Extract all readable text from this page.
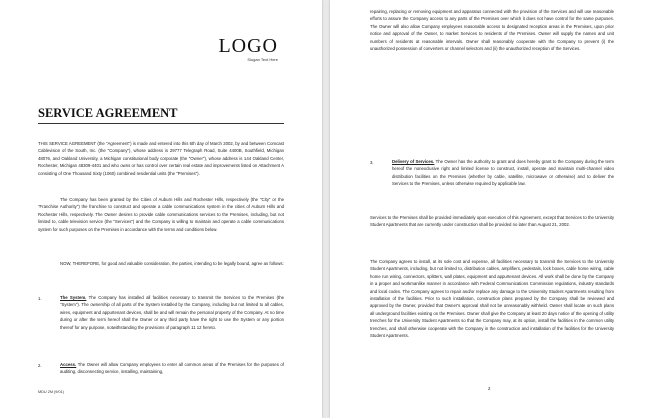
LOGO
Slogan Text Here
SERVICE AGREEMENT

THIS SERVICE AGREEMENT (the "Agreement") is made and entered into this 6th day of March 2002, by and between Comcast Cablevision of the South, Inc. (the "Company"), whose address is 29777 Telegraph Road, Suite 4400B, Southfield, Michigan 48076, and Oakland University, a Michigan constitutional body corporate (the "Owner"), whose address is 144 Oakland Center, Rochester, Michigan 48309-4401 and who owns or has control over certain real estate and improvements listed on Attachment A consisting of One Thousand Sixty (1060) combined residential units (the "Premises").

The Company has been granted by the Cities of Auburn Hills and Rochester Hills, respectively (the "City" or the "Franchise Authority") the franchise to construct and operate a cable communications system in the cities of Auburn Hills and Rochester Hills, respectively. The Owner desires to provide cable communications services to the Premises, including, but not limited to, cable television service (the "Services") and the Company is willing to maintain and operate a cable communications system for such purposes on the Premises in accordance with the terms and conditions below.

NOW, THEREFORE, for good and valuable consideration, the parties, intending to be legally bound, agree as follows:

1.	The System. The Company has installed all facilities necessary to transmit the Services to the Premises (the "System"). The ownership of all parts of the System installed by the Company, including but not limited to all cables, wires, equipment and appurtenant devices, shall be and will remain the personal property of the Company. At no time during or after the term hereof shall the Owner or any third party have the right to use the System or any portion thereof for any purpose, notwithstanding the provisions of paragraph 11 12 hereto.

2.	Access. The Owner will allow Company employees to enter all common areas of the Premises for the purposes of auditing, disconnecting service, installing, maintaining,

MDU 2M (9/01)

repairing, replacing or removing equipment and apparatus connected with the provision of the Services and will use reasonable efforts to assure the Company access to any parts of the Premises over which it does not have control for the same purposes. The Owner will also allow Company employees reasonable access to designated reception areas in the Premises, upon prior notice and approval of the Owner, to market Services to residents of the Premises. Owner will supply the names and unit numbers of residents at reasonable intervals. Owner shall reasonably cooperate with the Company to prevent (i) the unauthorized possession of converters or channel selectors and (ii) the unauthorized reception of the Services.

3.	Delivery of Services. The Owner has the authority to grant and does hereby grant to the Company during the term hereof the nonexclusive right and limited license to construct, install, operate and maintain multi-channel video distribution facilities on the Premises (whether by cable, satellite, microwave or otherwise) and to deliver the Services to the Premises, unless otherwise required by applicable law.

Services to the Premises shall be provided immediately upon execution of this Agreement, except that Services to the University Student Apartments that are currently under construction shall be provided no later than August 21, 2002.

The Company agrees to install, at its sole cost and expense, all facilities necessary to transmit the Services to the University Student Apartments, including, but not limited to, distribution cables, amplifiers, pedestals, lock boxes, cable home wiring, cable home run wiring, connectors, splitters, wall plates, equipment and appurtenant devices. All work shall be done by the Company in a proper and workmanlike manner in accordance with Federal Communications Commission regulations, industry standards and local codes. The Company agrees to repair and/or replace any damage to the University Student Apartments resulting from installation of the facilities. Prior to such installation, construction plans prepared by the Company shall be reviewed and approved by the Owner, provided that Owner's approval shall not be unreasonably withheld. Owner shall locate on such plans all underground facilities existing on the Premises. Owner shall give the Company at least 20 days notice of the opening of utility trenches for the University Student Apartments so that the Company may, at its option, install the facilities in the common utility trenches, and shall otherwise cooperate with the Company in the construction and installation of the facilities for the University Student Apartments.

2
